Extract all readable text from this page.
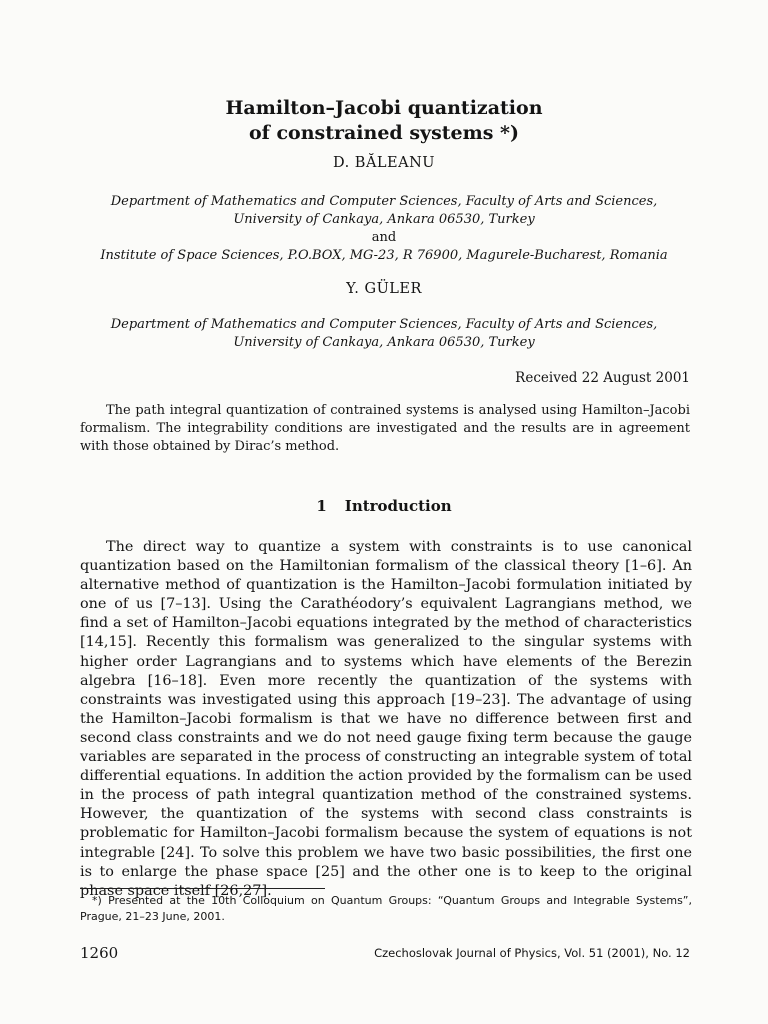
Hamilton–Jacobi quantization
of constrained systems *)
D. BĂLEANU
Department of Mathematics and Computer Sciences, Faculty of Arts and Sciences,
University of Cankaya, Ankara 06530, Turkey
and
Institute of Space Sciences, P.O.BOX, MG-23, R 76900, Magurele-Bucharest, Romania
Y. GÜLER
Department of Mathematics and Computer Sciences, Faculty of Arts and Sciences,
University of Cankaya, Ankara 06530, Turkey
Received 22 August 2001
The path integral quantization of contrained systems is analysed using Hamilton–Jacobi formalism. The integrability conditions are investigated and the results are in agreement with those obtained by Dirac’s method.
1 Introduction
The direct way to quantize a system with constraints is to use canonical quantization based on the Hamiltonian formalism of the classical theory [1–6]. An alternative method of quantization is the Hamilton–Jacobi formulation initiated by one of us [7–13]. Using the Carathéodory’s equivalent Lagrangians method, we find a set of Hamilton–Jacobi equations integrated by the method of characteristics [14,15]. Recently this formalism was generalized to the singular systems with higher order Lagrangians and to systems which have elements of the Berezin algebra [16–18]. Even more recently the quantization of the systems with constraints was investigated using this approach [19–23]. The advantage of using the Hamilton–Jacobi formalism is that we have no difference between first and second class constraints and we do not need gauge fixing term because the gauge variables are separated in the process of constructing an integrable system of total differential equations. In addition the action provided by the formalism can be used in the process of path integral quantization method of the constrained systems. However, the quantization of the systems with second class constraints is problematic for Hamilton–Jacobi formalism because the system of equations is not integrable [24]. To solve this problem we have two basic possibilities, the first one is to enlarge the phase space [25] and the other one is to keep to the original phase space itself [26,27].
*) Presented at the 10th Colloquium on Quantum Groups: “Quantum Groups and Integrable Systems”, Prague, 21–23 June, 2001.
1260	Czechoslovak Journal of Physics, Vol. 51 (2001), No. 12
